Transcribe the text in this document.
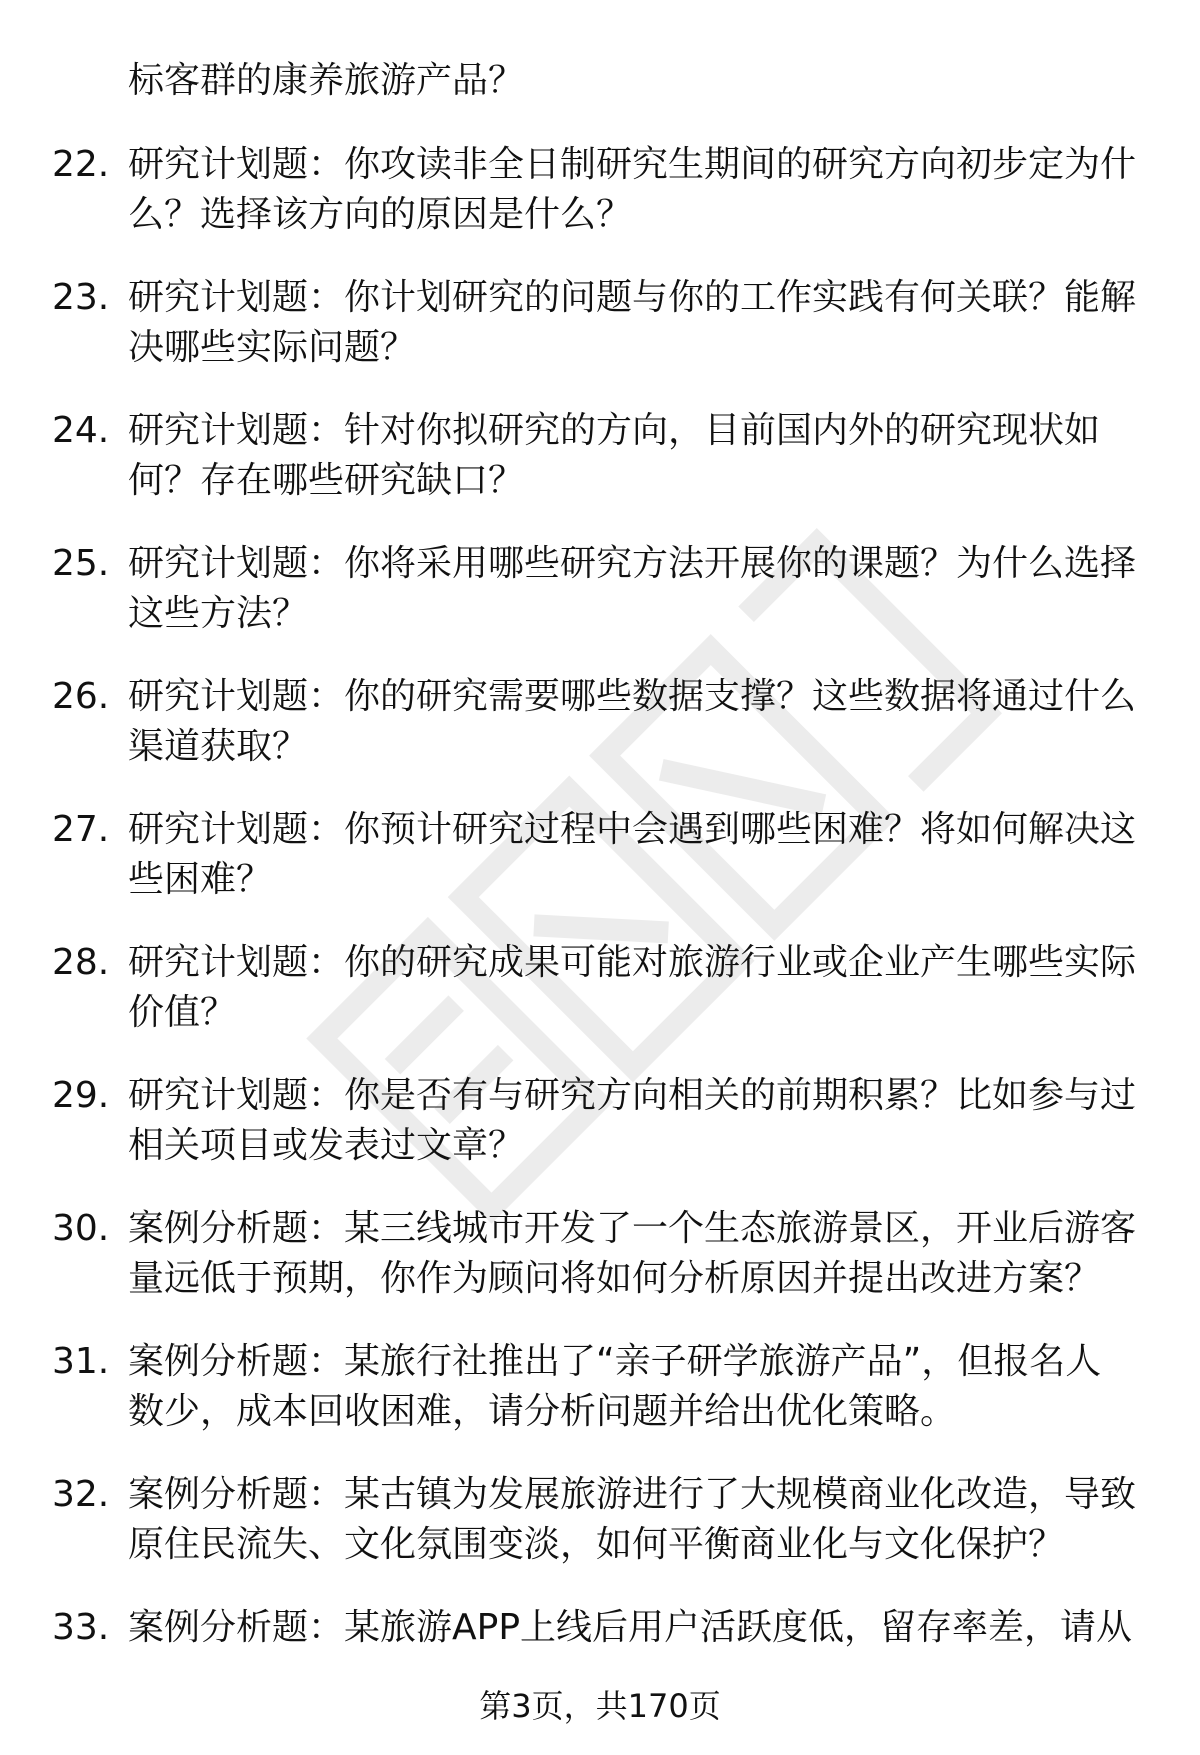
标客群的康养旅游产品？
22. 研究计划题：你攻读非全日制研究生期间的研究方向初步定为什
么？选择该方向的原因是什么？
23. 研究计划题：你计划研究的问题与你的工作实践有何关联？能解
决哪些实际问题？
24. 研究计划题：针对你拟研究的方向，目前国内外的研究现状如
何？存在哪些研究缺口？
25. 研究计划题：你将采用哪些研究方法开展你的课题？为什么选择
这些方法？
26. 研究计划题：你的研究需要哪些数据支撑？这些数据将通过什么
渠道获取？
27. 研究计划题：你预计研究过程中会遇到哪些困难？将如何解决这
些困难？
28. 研究计划题：你的研究成果可能对旅游行业或企业产生哪些实际
价值？
29. 研究计划题：你是否有与研究方向相关的前期积累？比如参与过
相关项目或发表过文章？
30. 案例分析题：某三线城市开发了一个生态旅游景区，开业后游客
量远低于预期，你作为顾问将如何分析原因并提出改进方案？
31. 案例分析题：某旅行社推出了“亲子研学旅游产品”，但报名人
数少，成本回收困难，请分析问题并给出优化策略。
32. 案例分析题：某古镇为发展旅游进行了大规模商业化改造，导致
原住民流失、文化氛围变淡，如何平衡商业化与文化保护？
33. 案例分析题：某旅游APP上线后用户活跃度低，留存率差，请从
第3页，共170页
